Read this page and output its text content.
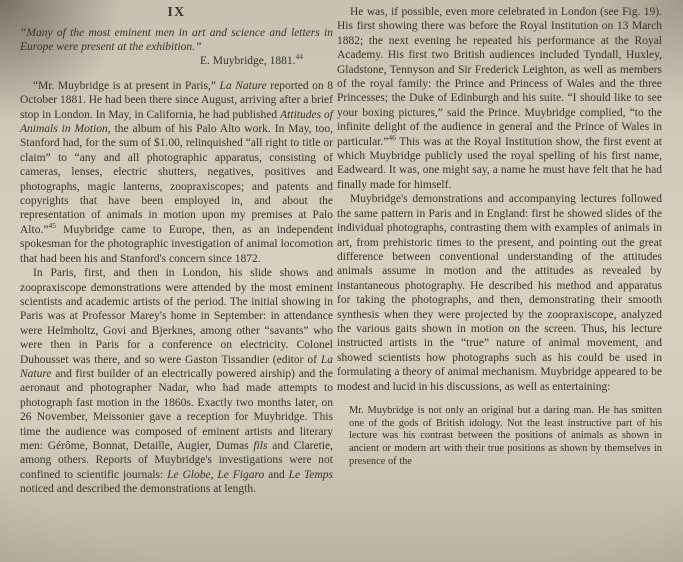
IX

“Many of the most eminent men in art and science and letters in Europe were present at the exhibition.”

E. Muybridge, 1881.44

“Mr. Muybridge is at present in Paris,” La Nature reported on 8 October 1881. He had been there since August, arriving after a brief stop in London. In May, in California, he had published Attitudes of Animals in Motion, the album of his Palo Alto work. In May, too, Stanford had, for the sum of $1.00, relinquished “all right to title or claim” to “any and all photographic apparatus, consisting of cameras, lenses, electric shutters, negatives, positives and photographs, magic lanterns, zoopraxiscopes; and patents and copyrights that have been employed in, and about the representation of animals in motion upon my premises at Palo Alto.”$^{45}$ Muybridge came to Europe, then, as an independent spokesman for the photographic investigation of animal locomotion that had been his and Stanford's concern since 1872.

In Paris, first, and then in London, his slide shows and zoopraxiscope demonstrations were attended by the most eminent scientists and academic artists of the period. The initial showing in Paris was at Professor Marey's home in September: in attendance were Helmholtz, Govi and Bjerknes, among other “savants” who were then in Paris for a conference on electricity. Colonel Duhousset was there, and so were Gaston Tissandier (editor of La Nature and first builder of an electrically powered airship) and the aeronaut and photographer Nadar, who had made attempts to photograph fast motion in the 1860s. Exactly two months later, on 26 November, Meissonier gave a reception for Muybridge. This time the audience was composed of eminent artists and literary men: Gérôme, Bonnat, Detaille, Augier, Dumas fils and Claretie, among others. Reports of Muybridge's investigations were not confined to scientific journals: Le Globe, Le Figaro and Le Temps noticed and described the demonstrations at length.

He was, if possible, even more celebrated in London (see Fig. 19). His first showing there was before the Royal Institution on 13 March 1882; the next evening he repeated his performance at the Royal Academy. His first two British audiences included Tyndall, Huxley, Gladstone, Tennyson and Sir Frederick Leighton, as well as members of the royal family: the Prince and Princess of Wales and the three Princesses; the Duke of Edinburgh and his suite. “I should like to see your boxing pictures,” said the Prince. Muybridge complied, “to the infinite delight of the audience in general and the Prince of Wales in particular.”$^{46}$ This was at the Royal Institution show, the first event at which Muybridge publicly used the royal spelling of his first name, Eadweard. It was, one might say, a name he must have felt that he had finally made for himself.

Muybridge's demonstrations and accompanying lectures followed the same pattern in Paris and in England: first he showed slides of the individual photographs, contrasting them with examples of animals in art, from prehistoric times to the present, and pointing out the great difference between conventional understanding of the attitudes animals assume in motion and the attitudes as revealed by instantaneous photography. He described his method and apparatus for taking the photographs, and then, demonstrating their smooth synthesis when they were projected by the zoopraxiscope, analyzed the various gaits shown in motion on the screen. Thus, his lecture instructed artists in the “true” nature of animal movement, and showed scientists how photographs such as his could be used in formulating a theory of animal mechanism. Muybridge appeared to be modest and lucid in his discussions, as well as entertaining:

Mr. Muybridge is not only an original but a daring man. He has smitten one of the gods of British idology. Not the least instructive part of his lecture was his contrast between the positions of animals as shown in ancient or modern art with their true positions as shown by themselves in presence of the
